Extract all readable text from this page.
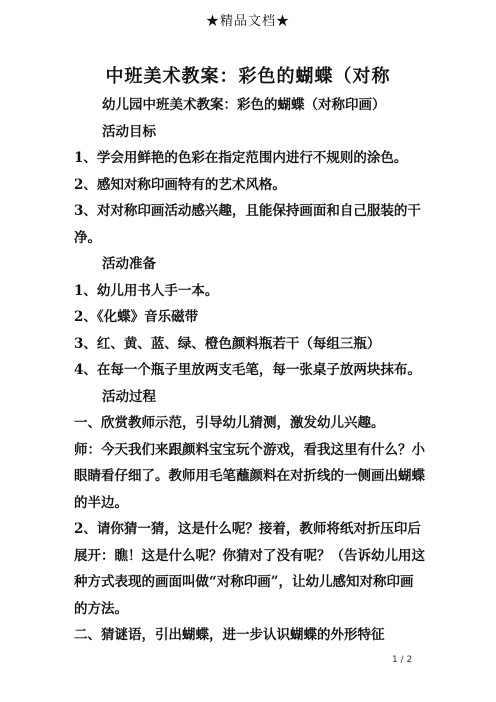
★精品文档★
中班美术教案：彩色的蝴蝶（对称

幼儿园中班美术教案：彩色的蝴蝶（对称印画）

活动目标

1、学会用鲜艳的色彩在指定范围内进行不规则的涂色。

2、感知对称印画特有的艺术风格。

3、对对称印画活动感兴趣，且能保持画面和自己服装的干

净。

活动准备

1、幼儿用书人手一本。

2、《化蝶》音乐磁带

3、红、黄、蓝、绿、橙色颜料瓶若干（每组三瓶）

4、在每一个瓶子里放两支毛笔，每一张桌子放两块抹布。

活动过程

一、欣赏教师示范，引导幼儿猜测，激发幼儿兴趣。

师：今天我们来跟颜料宝宝玩个游戏，看我这里有什么？小

眼睛看仔细了。教师用毛笔蘸颜料在对折线的一侧画出蝴蝶

的半边。

2、请你猜一猜，这是什么呢？接着，教师将纸对折压印后

展开：瞧！这是什么呢？你猜对了没有呢？（告诉幼儿用这

种方式表现的画面叫做“对称印画”，让幼儿感知对称印画

的方法。

二、猜谜语，引出蝴蝶，进一步认识蝴蝶的外形特征

1 / 2
